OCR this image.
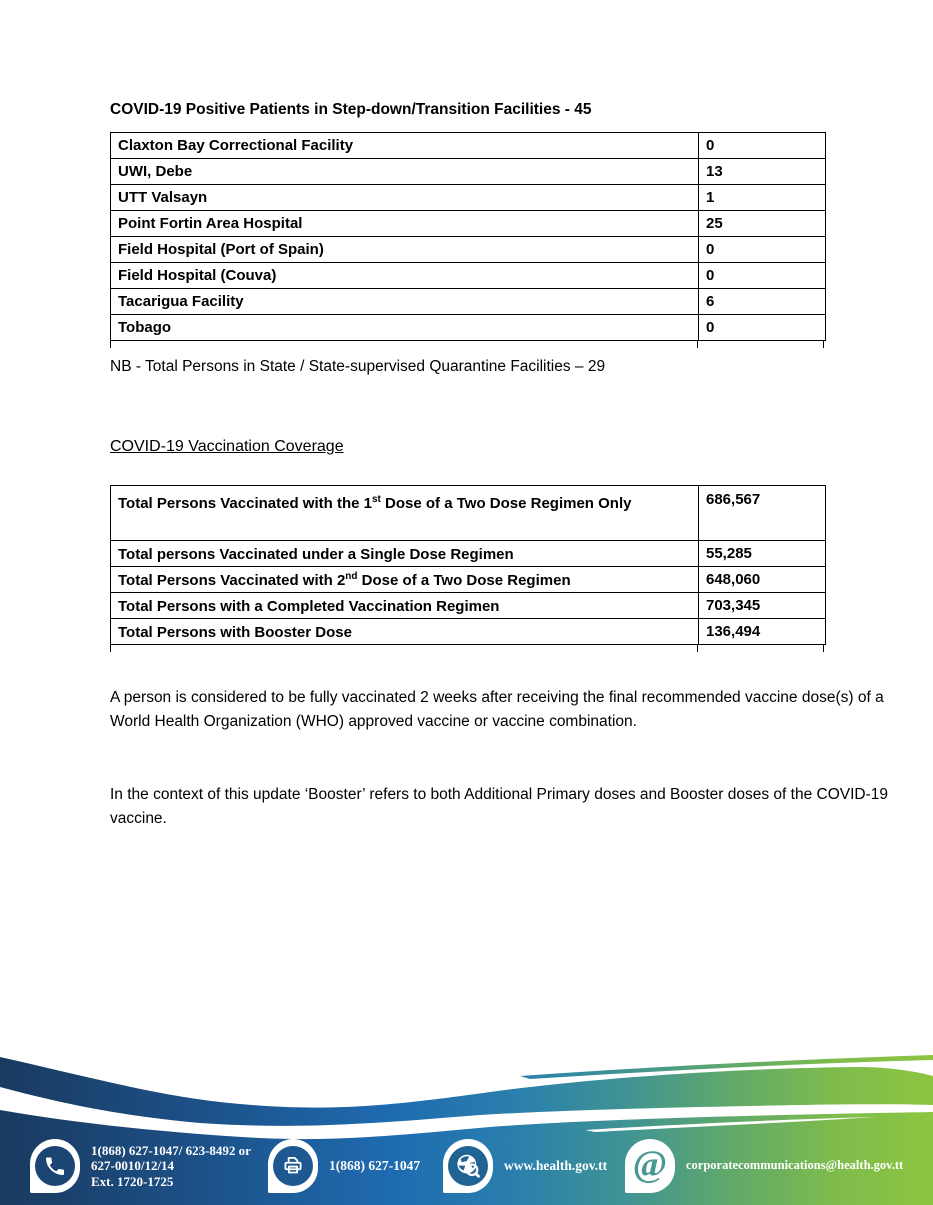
COVID-19 Positive Patients in Step-down/Transition Facilities - 45
Claxton Bay Correctional Facility	0
UWI, Debe	13
UTT Valsayn	1
Point Fortin Area Hospital	25
Field Hospital (Port of Spain)	0
Field Hospital (Couva)	0
Tacarigua Facility	6
Tobago	0
NB - Total Persons in State / State-supervised Quarantine Facilities – 29
COVID-19 Vaccination Coverage
Total Persons Vaccinated with the 1st Dose of a Two Dose Regimen Only	686,567
Total persons Vaccinated under a Single Dose Regimen	55,285
Total Persons Vaccinated with 2nd Dose of a Two Dose Regimen	648,060
Total Persons with a Completed Vaccination Regimen	703,345
Total Persons with Booster Dose	136,494
A person is considered to be fully vaccinated 2 weeks after receiving the final recommended vaccine dose(s) of a World Health Organization (WHO) approved vaccine or vaccine combination.
In the context of this update ‘Booster’ refers to both Additional Primary doses and Booster doses of the COVID-19 vaccine.
1(868) 627-1047/ 623-8492 or
627-0010/12/14
Ext. 1720-1725
1(868) 627-1047	www.health.gov.tt @ corporatecommunications@health.gov.tt
